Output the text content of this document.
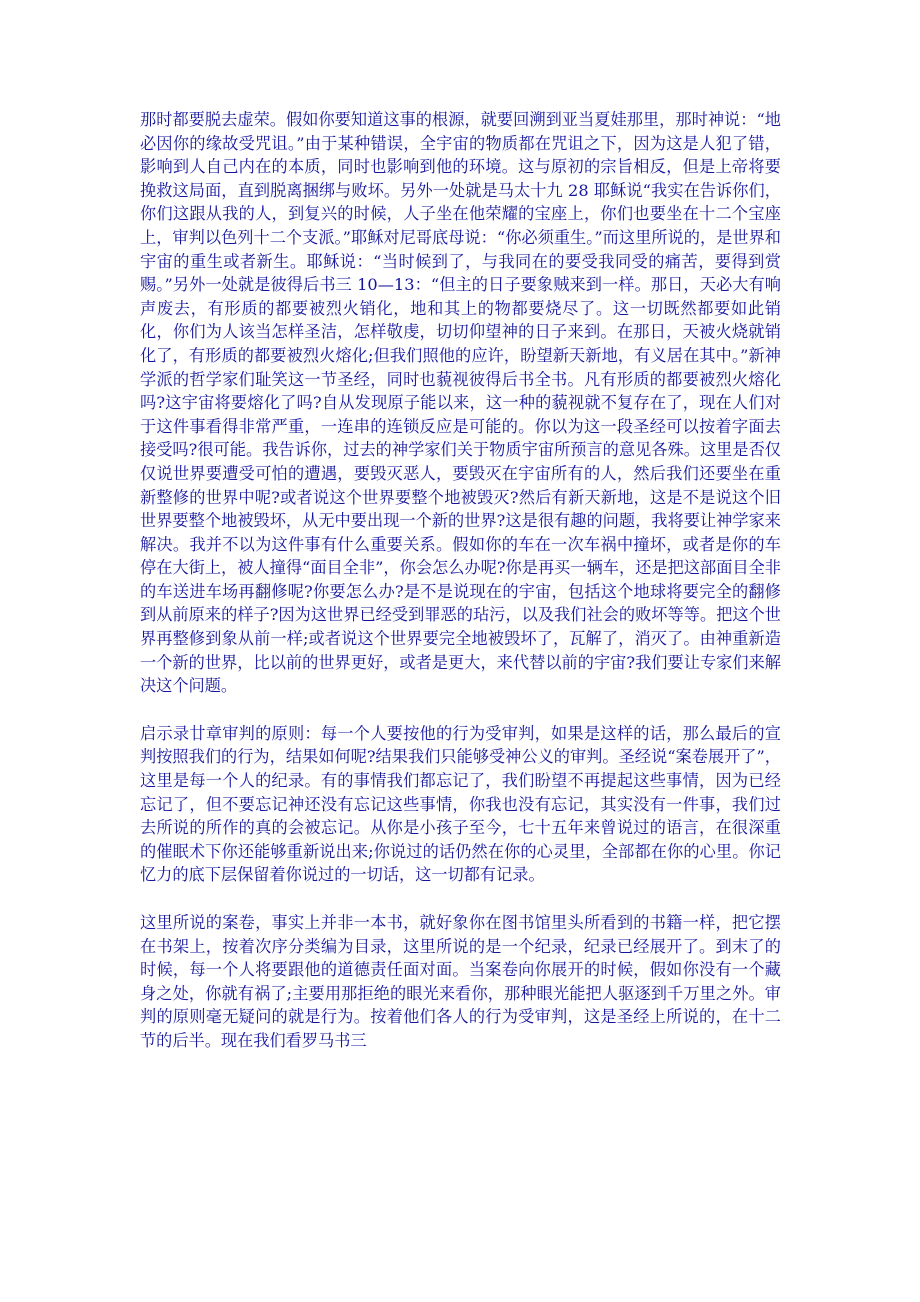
那时都要脱去虚荣。假如你要知道这事的根源，就要回溯到亚当夏娃那里，那时神说：“地必因你的缘故受咒诅。”由于某种错误，全宇宙的物质都在咒诅之下，因为这是人犯了错，影响到人自己内在的本质，同时也影响到他的环境。这与原初的宗旨相反，但是上帝将要挽救这局面，直到脱离捆绑与败坏。另外一处就是马太十九 28 耶稣说“我实在告诉你们，你们这跟从我的人，到复兴的时候，人子坐在他荣耀的宝座上，你们也要坐在十二个宝座上，审判以色列十二个支派。”耶稣对尼哥底母说：“你必须重生。”而这里所说的，是世界和宇宙的重生或者新生。耶稣说：“当时候到了，与我同在的要受我同受的痛苦，要得到赏赐。”另外一处就是彼得后书三 10—13：“但主的日子要象贼来到一样。那日，天必大有响声废去，有形质的都要被烈火销化，地和其上的物都要烧尽了。这一切既然都要如此销化，你们为人该当怎样圣洁，怎样敬虔，切切仰望神的日子来到。在那日，天被火烧就销化了，有形质的都要被烈火熔化;但我们照他的应许，盼望新天新地，有义居在其中。”新神学派的哲学家们耻笑这一节圣经，同时也藐视彼得后书全书。凡有形质的都要被烈火熔化吗?这宇宙将要熔化了吗?自从发现原子能以来，这一种的藐视就不复存在了，现在人们对于这件事看得非常严重，一连串的连锁反应是可能的。你以为这一段圣经可以按着字面去接受吗?很可能。我告诉你，过去的神学家们关于物质宇宙所预言的意见各殊。这里是否仅仅说世界要遭受可怕的遭遇，要毁灭恶人，要毁灭在宇宙所有的人，然后我们还要坐在重新整修的世界中呢?或者说这个世界要整个地被毁灭?然后有新天新地，这是不是说这个旧世界要整个地被毁坏，从无中要出现一个新的世界?这是很有趣的问题，我将要让神学家来解决。我并不以为这件事有什么重要关系。假如你的车在一次车祸中撞坏，或者是你的车停在大街上，被人撞得“面目全非”，你会怎么办呢?你是再买一辆车，还是把这部面目全非的车送进车场再翻修呢?你要怎么办?是不是说现在的宇宙，包括这个地球将要完全的翻修到从前原来的样子?因为这世界已经受到罪恶的玷污，以及我们社会的败坏等等。把这个世界再整修到象从前一样;或者说这个世界要完全地被毁坏了，瓦解了，消灭了。由神重新造一个新的世界，比以前的世界更好，或者是更大，来代替以前的宇宙?我们要让专家们来解决这个问题。

启示录廿章审判的原则：每一个人要按他的行为受审判，如果是这样的话，那么最后的宣判按照我们的行为，结果如何呢?结果我们只能够受神公义的审判。圣经说“案卷展开了”，这里是每一个人的纪录。有的事情我们都忘记了，我们盼望不再提起这些事情，因为已经忘记了，但不要忘记神还没有忘记这些事情，你我也没有忘记，其实没有一件事，我们过去所说的所作的真的会被忘记。从你是小孩子至今，七十五年来曾说过的语言，在很深重的催眠术下你还能够重新说出来;你说过的话仍然在你的心灵里，全部都在你的心里。你记忆力的底下层保留着你说过的一切话，这一切都有记录。

这里所说的案卷，事实上并非一本书，就好象你在图书馆里头所看到的书籍一样，把它摆在书架上，按着次序分类编为目录，这里所说的是一个纪录，纪录已经展开了。到末了的时候，每一个人将要跟他的道德责任面对面。当案卷向你展开的时候，假如你没有一个藏身之处，你就有祸了;主要用那拒绝的眼光来看你，那种眼光能把人驱逐到千万里之外。审判的原则毫无疑问的就是行为。按着他们各人的行为受审判，这是圣经上所说的，在十二节的后半。现在我们看罗马书三
